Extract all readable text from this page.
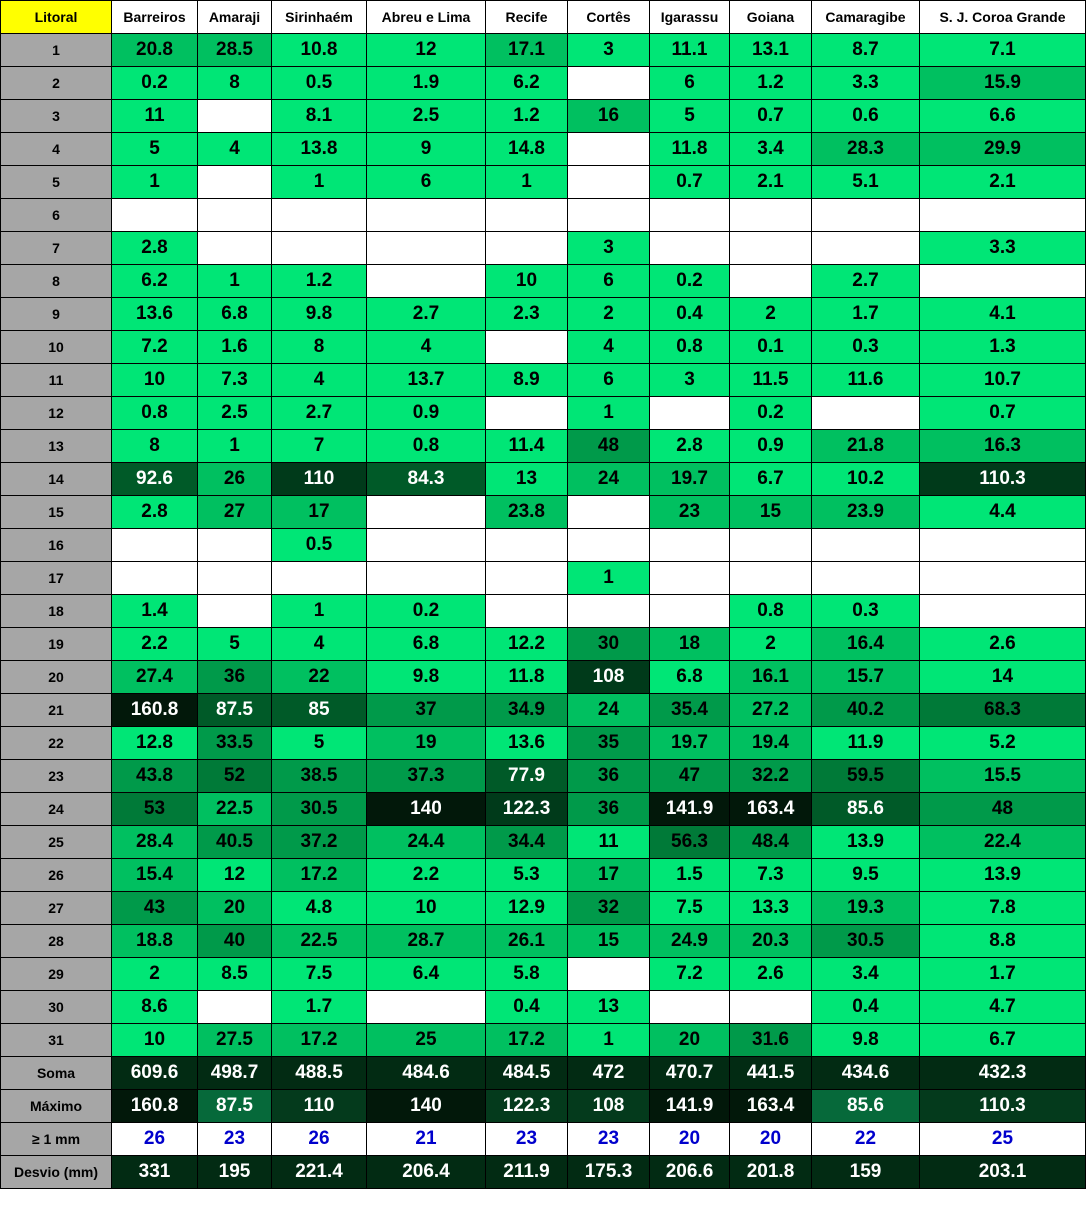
Litoral	Barreiros	Amaraji	Sirinhaém	Abreu e Lima	Recife	Cortês	Igarassu	Goiana	Camaragibe	S. J. Coroa Grande
1	20.8	28.5	10.8	12	17.1	3	11.1	13.1	8.7	7.1
2	0.2	8	0.5	1.9	6.2		6	1.2	3.3	15.9
3	11		8.1	2.5	1.2	16	5	0.7	0.6	6.6
4	5	4	13.8	9	14.8		11.8	3.4	28.3	29.9
5	1		1	6	1		0.7	2.1	5.1	2.1
6										
7	2.8					3				3.3
8	6.2	1	1.2		10	6	0.2		2.7	
9	13.6	6.8	9.8	2.7	2.3	2	0.4	2	1.7	4.1
10	7.2	1.6	8	4		4	0.8	0.1	0.3	1.3
11	10	7.3	4	13.7	8.9	6	3	11.5	11.6	10.7
12	0.8	2.5	2.7	0.9		1		0.2		0.7
13	8	1	7	0.8	11.4	48	2.8	0.9	21.8	16.3
14	92.6	26	110	84.3	13	24	19.7	6.7	10.2	110.3
15	2.8	27	17		23.8		23	15	23.9	4.4
16			0.5							
17						1				
18	1.4		1	0.2				0.8	0.3	
19	2.2	5	4	6.8	12.2	30	18	2	16.4	2.6
20	27.4	36	22	9.8	11.8	108	6.8	16.1	15.7	14
21	160.8	87.5	85	37	34.9	24	35.4	27.2	40.2	68.3
22	12.8	33.5	5	19	13.6	35	19.7	19.4	11.9	5.2
23	43.8	52	38.5	37.3	77.9	36	47	32.2	59.5	15.5
24	53	22.5	30.5	140	122.3	36	141.9	163.4	85.6	48
25	28.4	40.5	37.2	24.4	34.4	11	56.3	48.4	13.9	22.4
26	15.4	12	17.2	2.2	5.3	17	1.5	7.3	9.5	13.9
27	43	20	4.8	10	12.9	32	7.5	13.3	19.3	7.8
28	18.8	40	22.5	28.7	26.1	15	24.9	20.3	30.5	8.8
29	2	8.5	7.5	6.4	5.8		7.2	2.6	3.4	1.7
30	8.6		1.7		0.4	13			0.4	4.7
31	10	27.5	17.2	25	17.2	1	20	31.6	9.8	6.7
Soma	609.6	498.7	488.5	484.6	484.5	472	470.7	441.5	434.6	432.3
Máximo	160.8	87.5	110	140	122.3	108	141.9	163.4	85.6	110.3
≥ 1 mm	26	23	26	21	23	23	20	20	22	25
Desvio (mm)	331	195	221.4	206.4	211.9	175.3	206.6	201.8	159	203.1
